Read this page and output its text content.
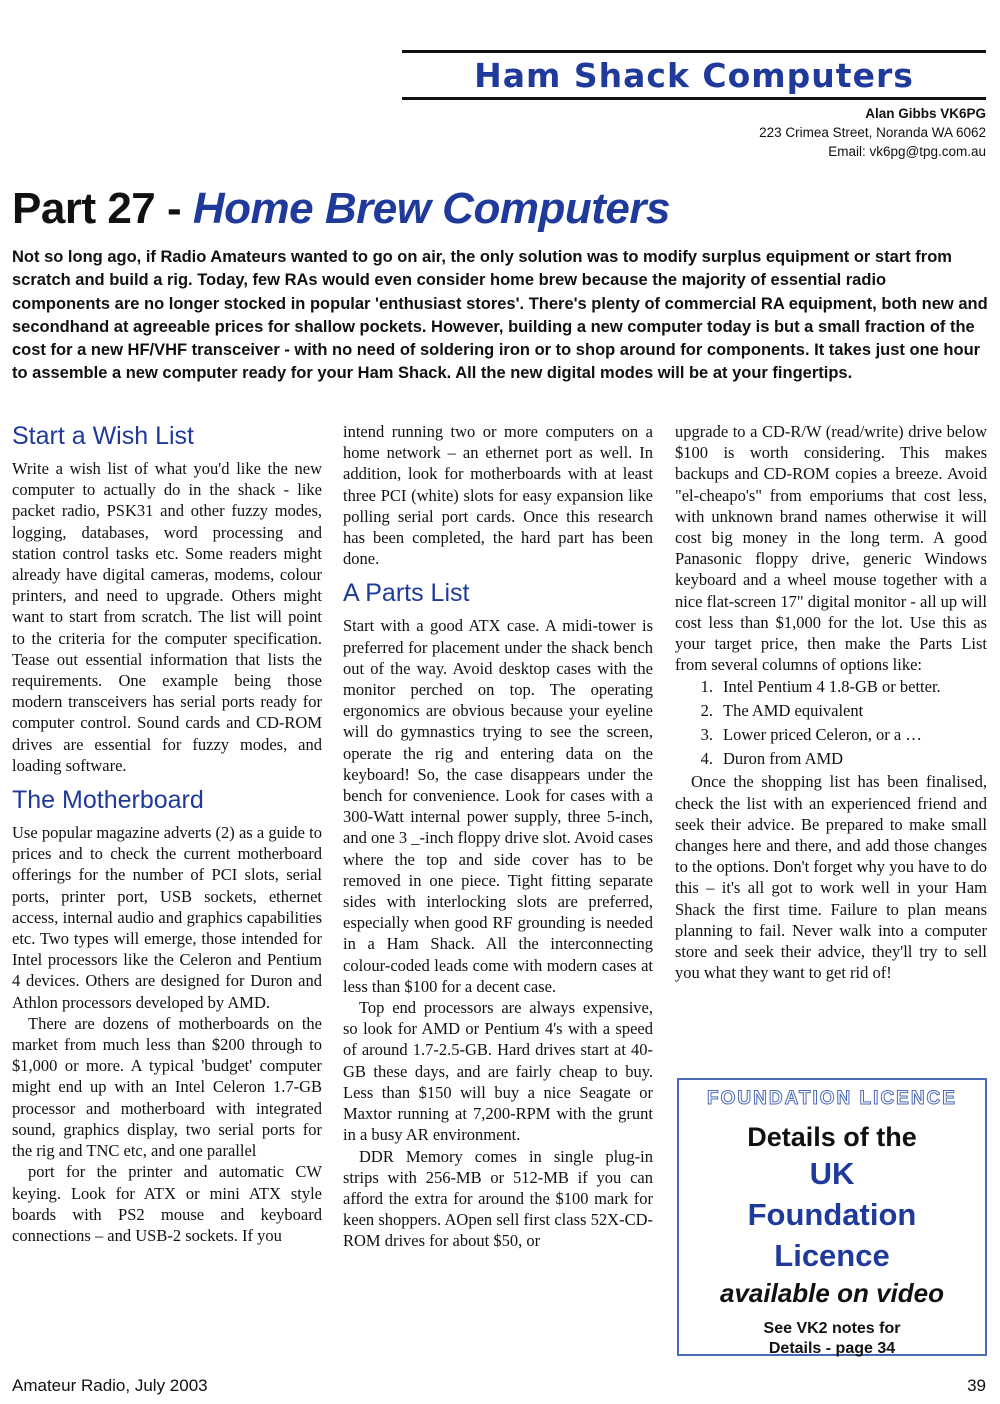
Ham Shack Computers
Alan Gibbs VK6PG
223 Crimea Street, Noranda WA 6062
Email: vk6pg@tpg.com.au
Part 27 - Home Brew Computers
Not so long ago, if Radio Amateurs wanted to go on air, the only solution was to modify surplus equipment or start from scratch and build a rig. Today, few RAs would even consider home brew because the majority of essential radio components are no longer stocked in popular 'enthusiast stores'. There's plenty of commercial RA equipment, both new and secondhand at agreeable prices for shallow pockets. However, building a new computer today is but a small fraction of the cost for a new HF/VHF transceiver - with no need of soldering iron or to shop around for components. It takes just one hour to assemble a new computer ready for your Ham Shack. All the new digital modes will be at your fingertips.
Start a Wish List

Write a wish list of what you'd like the new computer to actually do in the shack - like packet radio, PSK31 and other fuzzy modes, logging, databases, word processing and station control tasks etc. Some readers might already have digital cameras, modems, colour printers, and need to upgrade. Others might want to start from scratch. The list will point to the criteria for the computer specification. Tease out essential information that lists the requirements. One example being those modern transceivers has serial ports ready for computer control. Sound cards and CD-ROM drives are essential for fuzzy modes, and loading software.

The Motherboard

Use popular magazine adverts (2) as a guide to prices and to check the current motherboard offerings for the number of PCI slots, serial ports, printer port, USB sockets, ethernet access, internal audio and graphics capabilities etc. Two types will emerge, those intended for Intel processors like the Celeron and Pentium 4 devices. Others are designed for Duron and Athlon processors developed by AMD.

There are dozens of motherboards on the market from much less than $200 through to $1,000 or more. A typical 'budget' computer might end up with an Intel Celeron 1.7-GB processor and motherboard with integrated sound, graphics display, two serial ports for the rig and TNC etc, and one parallel

port for the printer and automatic CW keying. Look for ATX or mini ATX style boards with PS2 mouse and keyboard connections – and USB-2 sockets. If you

intend running two or more computers on a home network – an ethernet port as well. In addition, look for motherboards with at least three PCI (white) slots for easy expansion like polling serial port cards. Once this research has been completed, the hard part has been done.

A Parts List

Start with a good ATX case. A midi-tower is preferred for placement under the shack bench out of the way. Avoid desktop cases with the monitor perched on top. The operating ergonomics are obvious because your eyeline will do gymnastics trying to see the screen, operate the rig and entering data on the keyboard! So, the case disappears under the bench for convenience. Look for cases with a 300-Watt internal power supply, three 5-inch, and one 3 _-inch floppy drive slot. Avoid cases where the top and side cover has to be removed in one piece. Tight fitting separate sides with interlocking slots are preferred, especially when good RF grounding is needed in a Ham Shack. All the interconnecting colour-coded leads come with modern cases at less than $100 for a decent case.

Top end processors are always expensive, so look for AMD or Pentium 4's with a speed of around 1.7-2.5-GB. Hard drives start at 40-GB these days, and are fairly cheap to buy. Less than $150 will buy a nice Seagate or Maxtor running at 7,200-RPM with the grunt in a busy AR environment.

DDR Memory comes in single plug-in strips with 256-MB or 512-MB if you can afford the extra for around the $100 mark for keen shoppers. AOpen sell first class 52X-CD-ROM drives for about $50, or

upgrade to a CD-R/W (read/write) drive below $100 is worth considering. This makes backups and CD-ROM copies a breeze. Avoid "el-cheapo's" from emporiums that cost less, with unknown brand names otherwise it will cost big money in the long term. A good Panasonic floppy drive, generic Windows keyboard and a wheel mouse together with a nice flat-screen 17" digital monitor - all up will cost less than $1,000 for the lot. Use this as your target price, then make the Parts List from several columns of options like:

1. Intel Pentium 4 1.8-GB or better.
2. The AMD equivalent
3. Lower priced Celeron, or a …
4. Duron from AMD

Once the shopping list has been finalised, check the list with an experienced friend and seek their advice. Be prepared to make small changes here and there, and add those changes to the options. Don't forget why you have to do this – it's all got to work well in your Ham Shack the first time. Failure to plan means planning to fail. Never walk into a computer store and seek their advice, they'll try to sell you what they want to get rid of!

FOUNDATION LICENCE
Details of the
UK
Foundation
Licence
available on video
See VK2 notes for
Details - page 34
Amateur Radio, July 2003	39
